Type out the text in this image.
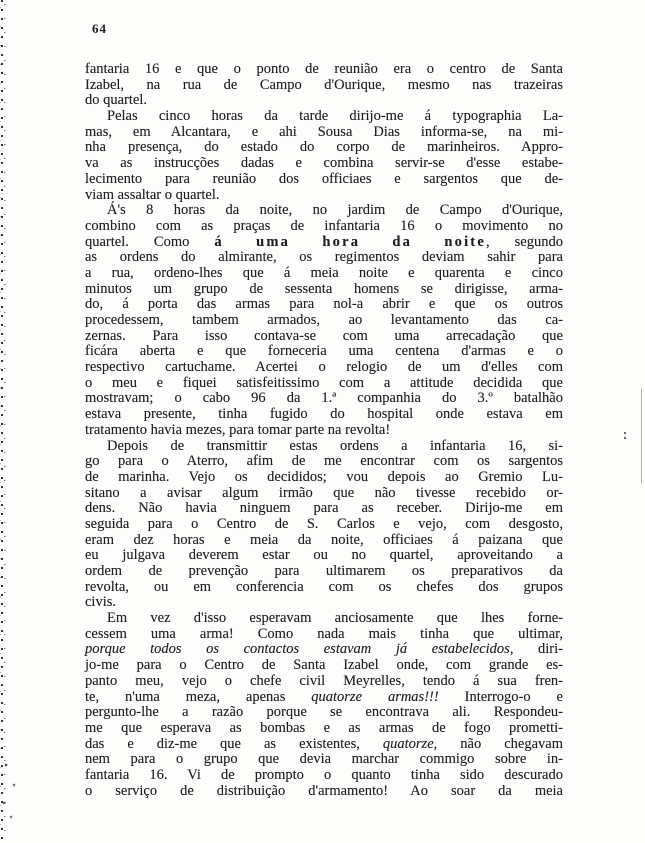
64
fantaria 16 e que o ponto de reunião era o centro de Santa
Izabel, na rua de Campo d'Ourique, mesmo nas trazeiras
do quartel.
Pelas cinco horas da tarde dirijo-me á typographia La-
mas, em Alcantara, e ahi Sousa Dias informa-se, na mi-
nha presença, do estado do corpo de marinheiros. Appro-
va as instrucções dadas e combina servir-se d'esse estabe-
lecimento para reunião dos officiaes e sargentos que de-
viam assaltar o quartel.
Á's 8 horas da noite, no jardim de Campo d'Ourique,
combino com as praças de infantaria 16 o movimento no
quartel. Como á uma hora da noite, segundo
as ordens do almirante, os regimentos deviam sahir para
a rua, ordeno-lhes que á meia noite e quarenta e cinco
minutos um grupo de sessenta homens se dirigisse, arma-
do, á porta das armas para nol-a abrir e que os outros
procedessem, tambem armados, ao levantamento das ca-
zernas. Para isso contava-se com uma arrecadação que
ficára aberta e que forneceria uma centena d'armas e o
respectivo cartuchame. Acertei o relogio de um d'elles com
o meu e fiquei satisfeitissimo com a attitude decidida que
mostravam; o cabo 96 da 1.ª companhia do 3.º batalhão
estava presente, tinha fugido do hospital onde estava em
tratamento havia mezes, para tomar parte na revolta!
Depois de transmittir estas ordens a infantaria 16, si-
go para o Aterro, afim de me encontrar com os sargentos
de marinha. Vejo os decididos; vou depois ao Gremio Lu-
sitano a avisar algum irmão que não tivesse recebido or-
dens. Não havia ninguem para as receber. Dirijo-me em
seguida para o Centro de S. Carlos e vejo, com desgosto,
eram dez horas e meia da noite, officiaes á paizana que
eu julgava deverem estar ou no quartel, aproveitando a
ordem de prevenção para ultimarem os preparativos da
revolta, ou em conferencia com os chefes dos grupos
civis.
Em vez d'isso esperavam anciosamente que lhes forne-
cessem uma arma! Como nada mais tinha que ultimar,
porque todos os contactos estavam já estabelecidos, diri-
jo-me para o Centro de Santa Izabel onde, com grande es-
panto meu, vejo o chefe civil Meyrelles, tendo á sua fren-
te, n'uma meza, apenas quatorze armas!!! Interrogo-o e
pergunto-lhe a razão porque se encontrava ali. Respondeu-
me que esperava as bombas e as armas de fogo prometti-
das e diz-me que as existentes, quatorze, não chegavam
nem para o grupo que devia marchar commigo sobre in-
fantaria 16. Vi de prompto o quanto tinha sido descurado
o serviço de distribuição d'armamento! Ao soar da meia
